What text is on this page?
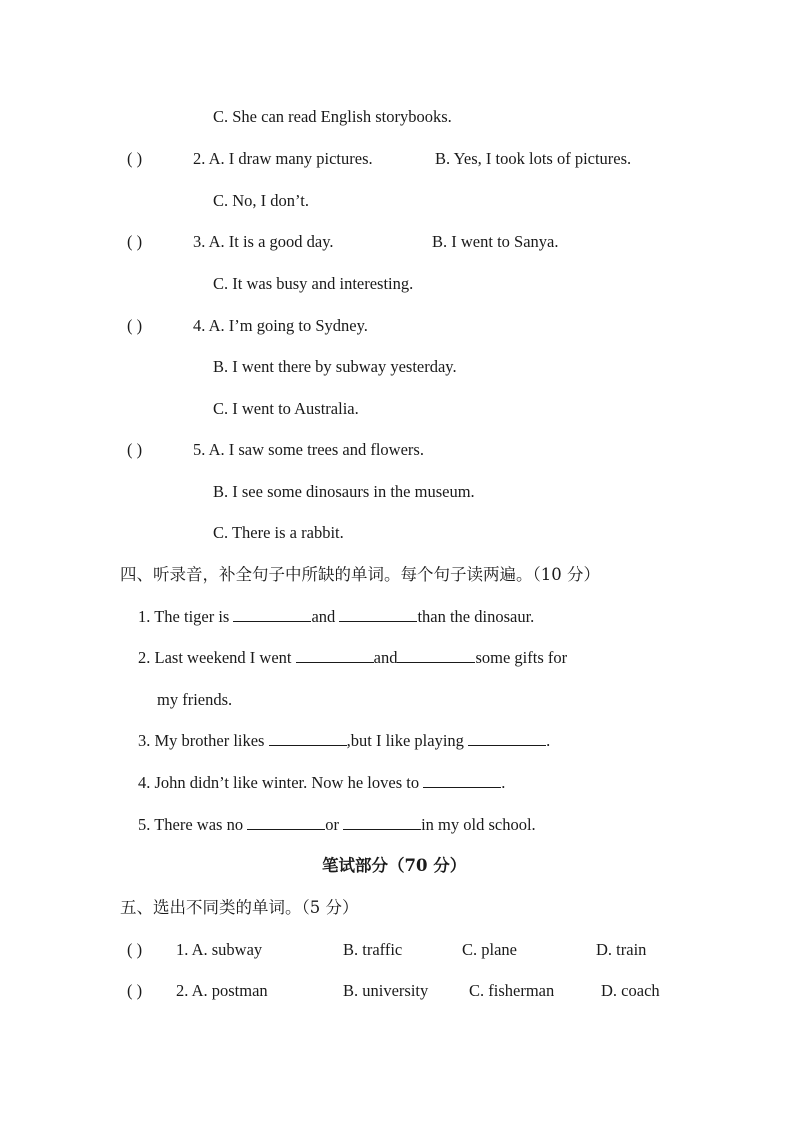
C. She can read English storybooks.
( )	2. A. I draw many pictures.	B. Yes, I took lots of pictures.
C. No, I don’t.
( )	3. A. It is a good day.	B. I went to Sanya.
C. It was busy and interesting.
( )	4. A. I’m going to Sydney.
B. I went there by subway yesterday.
C. I went to Australia.
( )	5. A. I saw some trees and flowers.
B. I see some dinosaurs in the museum.
C. There is a rabbit.
四、听录音，补全句子中所缺的单词。每个句子读两遍。（10 分）
1. The tiger is	and	than the dinosaur.
2. Last weekend I went	and	some gifts for
my friends.
3. My brother likes	,but I like playing	.
4. John didn’t like winter. Now he loves to	.
5. There was no	or	in my old school.
笔试部分（70 分）
五、选出不同类的单词。（5 分）
( ) 1. A. subway	B. traffic	C. plane	D. train
( ) 2. A. postman	B. university C. fisherman	D. coach
